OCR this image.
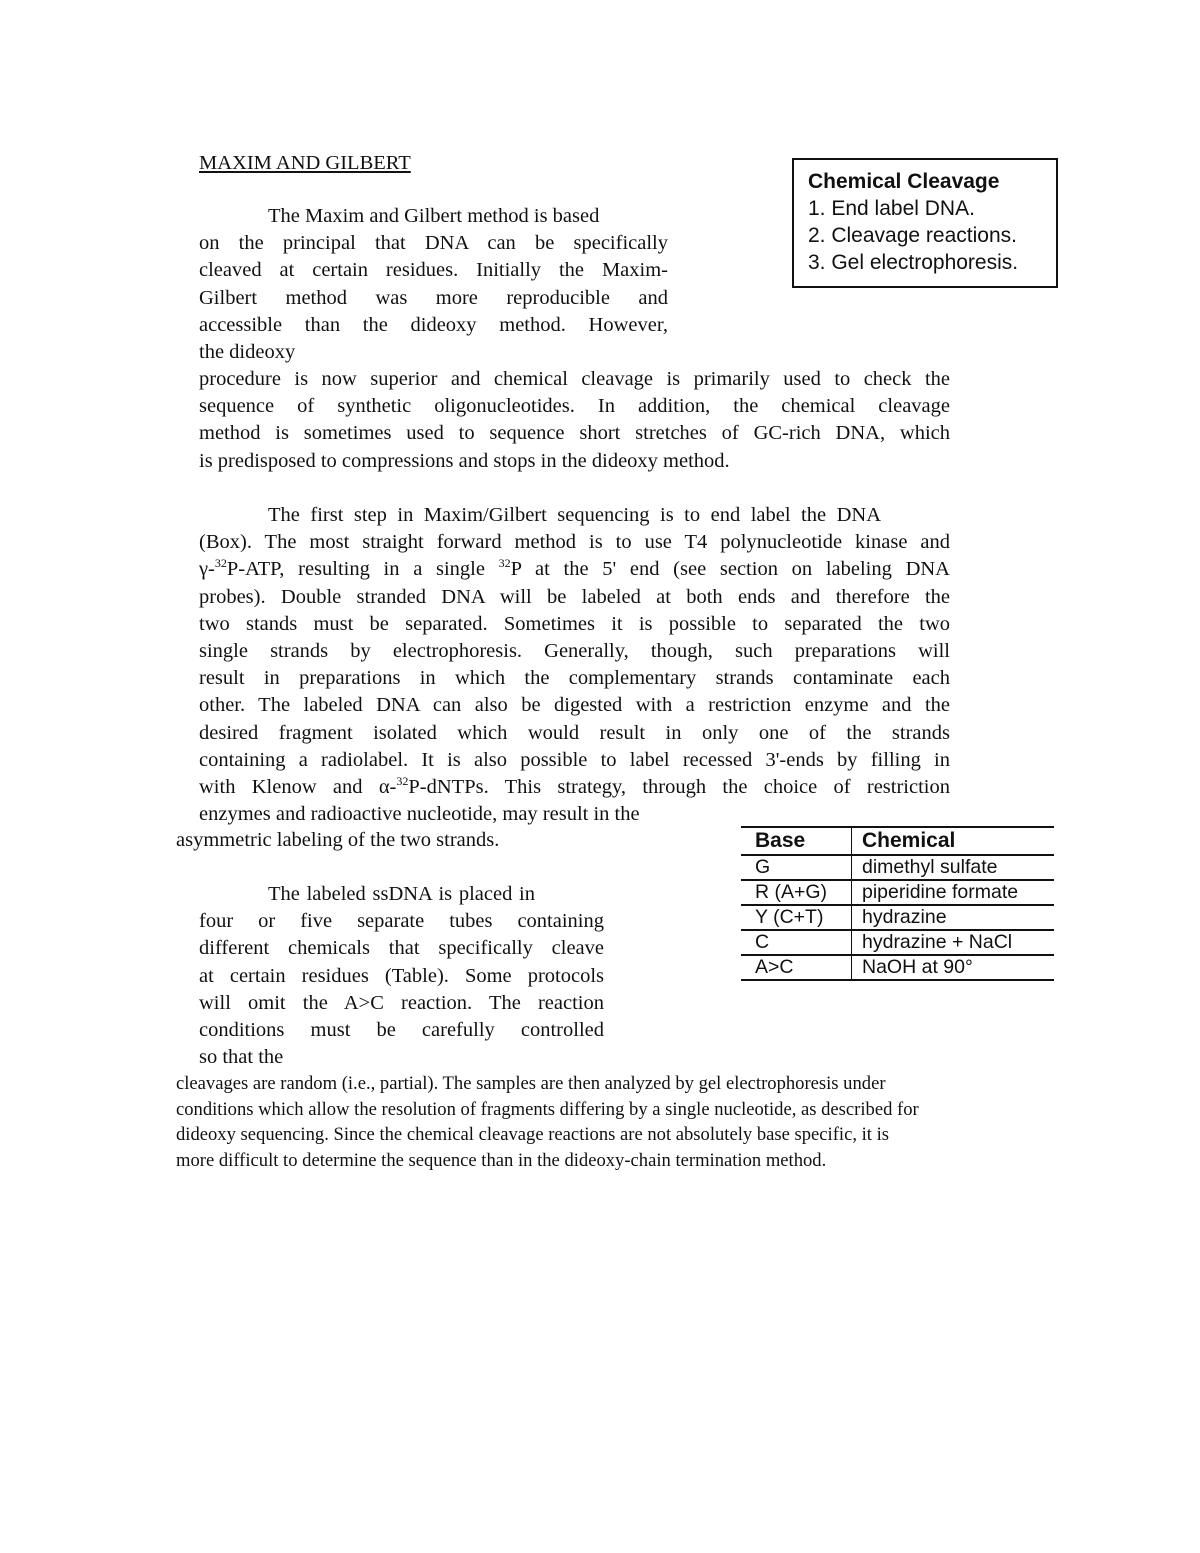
MAXIM AND GILBERT
The Maxim and Gilbert method is based
on the principal that DNA can be specifically
cleaved at certain residues. Initially the Maxim-
Gilbert method was more reproducible and
accessible than the dideoxy method. However,
the dideoxy
procedure is now superior and chemical cleavage is primarily used to check the
sequence of synthetic oligonucleotides. In addition, the chemical cleavage
method is sometimes used to sequence short stretches of GC-rich DNA, which
is predisposed to compressions and stops in the dideoxy method.
The first step in Maxim/Gilbert sequencing is to end label the DNA
(Box). The most straight forward method is to use T4 polynucleotide kinase and
γ-$^{32}$P-ATP, resulting in a single $^{32}$P at the 5' end (see section on labeling DNA
probes). Double stranded DNA will be labeled at both ends and therefore the
two stands must be separated. Sometimes it is possible to separated the two
single strands by electrophoresis. Generally, though, such preparations will
result in preparations in which the complementary strands contaminate each
other. The labeled DNA can also be digested with a restriction enzyme and the
desired fragment isolated which would result in only one of the strands
containing a radiolabel. It is also possible to label recessed 3'-ends by filling in
with Klenow and α-$^{32}$P-dNTPs. This strategy, through the choice of restriction
enzymes and radioactive nucleotide, may result in the
asymmetric labeling of the two strands.
The labeled ssDNA is placed in
four or five separate tubes containing
different chemicals that specifically cleave
at certain residues (Table). Some protocols
will omit the A>C reaction. The reaction
conditions must be carefully controlled
so that the
cleavages are random (i.e., partial). The samples are then analyzed by gel electrophoresis under
conditions which allow the resolution of fragments differing by a single nucleotide, as described for
dideoxy sequencing. Since the chemical cleavage reactions are not absolutely base specific, it is
more difficult to determine the sequence than in the dideoxy-chain termination method.
Chemical Cleavage
1. End label DNA.
2. Cleavage reactions.
3. Gel electrophoresis.
Base	Chemical
G	dimethyl sulfate
R (A+G)	piperidine formate
Y (C+T)	hydrazine
C	hydrazine + NaCl
A>C	NaOH at 90°
